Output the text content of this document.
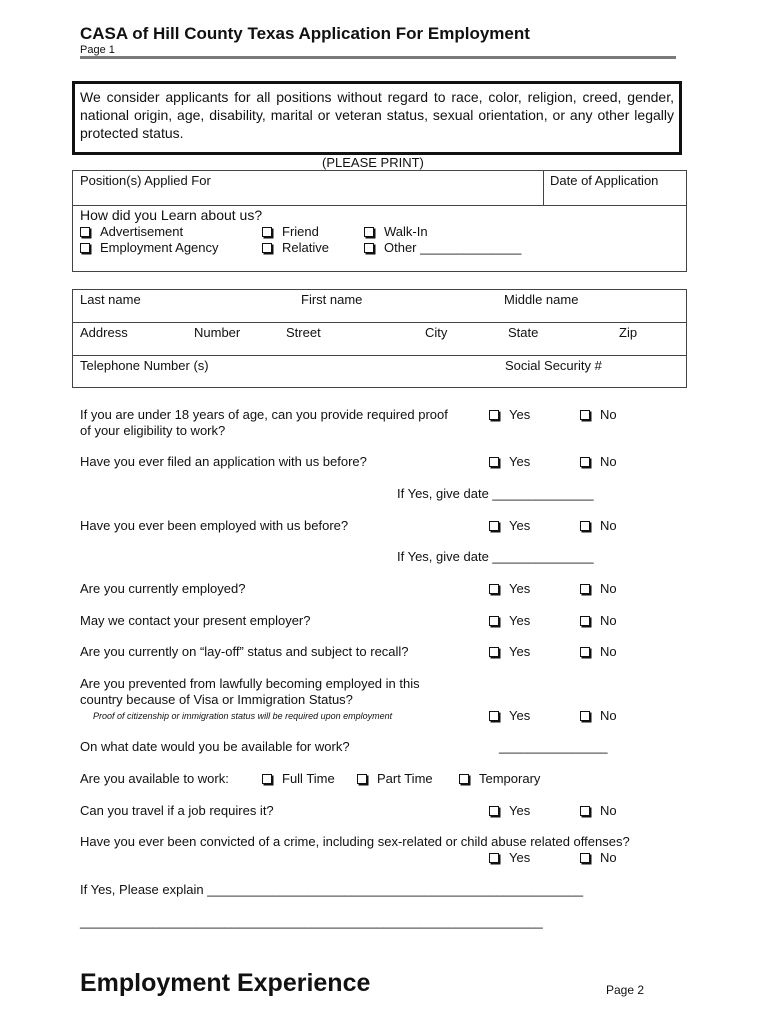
CASA of Hill County Texas Application For Employment
Page 1
We consider applicants for all positions without regard to race, color, religion, creed, gender, national origin, age, disability, marital or veteran status, sexual orientation, or any other legally protected status.
(PLEASE PRINT)
Position(s) Applied For	Date of Application
How did you Learn about us?
Advertisement	Friend	Walk-In
Employment Agency	Relative	Other ______________
Last name	First name	Middle name
Address	Number	Street	City	State	Zip
Telephone Number (s)	Social Security #
If you are under 18 years of age, can you provide required proof of your eligibility to work?
Yes	No
Have you ever filed an application with us before?	Yes	No
If Yes, give date ______________
Have you ever been employed with us before?	Yes	No
If Yes, give date ______________
Are you currently employed?	Yes	No
May we contact your present employer?	Yes	No
Are you currently on “lay-off” status and subject to recall?	Yes	No
Are you prevented from lawfully becoming employed in this country because of Visa or Immigration Status?
Proof of citizenship or immigration status will be required upon employment	Yes	No
On what date would you be available for work?	_______________
Are you available to work:	Full Time	Part Time	Temporary
Can you travel if a job requires it?	Yes	No
Have you ever been convicted of a crime, including sex-related or child abuse related offenses?
Yes	No
If Yes, Please explain ____________________________________________________
________________________________________________________________
Employment Experience	Page 2
